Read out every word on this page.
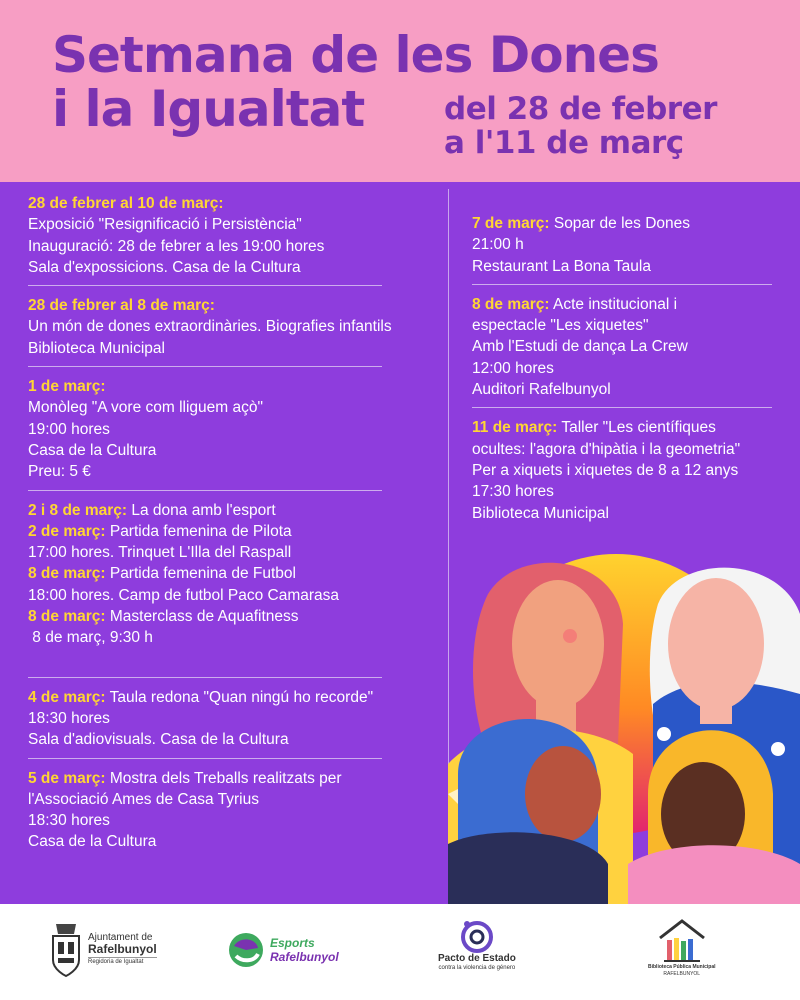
Setmana de les Dones
i la Igualtat	del 28 de febrer
a l'11 de març

28 de febrer al 10 de març:

Exposició "Resignificació i Persistència"

Inauguració: 28 de febrer a les 19:00 hores

Sala d'expossicions. Casa de la Cultura

28 de febrer al 8 de març:

Un món de dones extraordinàries. Biografies infantils

Biblioteca Municipal

1 de març:

Monòleg "A vore com lliguem açò"

19:00 hores

Casa de la Cultura

Preu: 5 €

2 i 8 de març: La dona amb l'esport

2 de març: Partida femenina de Pilota

17:00 hores. Trinquet L'Illa del Raspall

8 de març: Partida femenina de Futbol

18:00 hores. Camp de futbol Paco Camarasa

8 de març: Masterclass de Aquafitness

8 de març, 9:30 h

4 de març: Taula redona "Quan ningú ho recorde"

18:30 hores

Sala d'adiovisuals. Casa de la Cultura

5 de març: Mostra dels Treballs realitzats per

l'Associació Ames de Casa Tyrius

18:30 hores

Casa de la Cultura

7 de març: Sopar de les Dones

21:00 h

Restaurant La Bona Taula

8 de març: Acte institucional i

espectacle "Les xiquetes"

Amb l'Estudi de dança La Crew

12:00 hores

Auditori Rafelbunyol

11 de març: Taller "Les científiques

ocultes: l'agora d'hipàtia i la geometria"

Per a xiquets i xiquetes de 8 a 12 anys

17:30 hores

Biblioteca Municipal

Ajuntament de
Rafelbunyol
Regidoria de Igualtat
Esports
Rafelbunyol	Pacto de Estado
contra la violencia de género	Biblioteca Pública Municipal
RAFELBUNYOL
